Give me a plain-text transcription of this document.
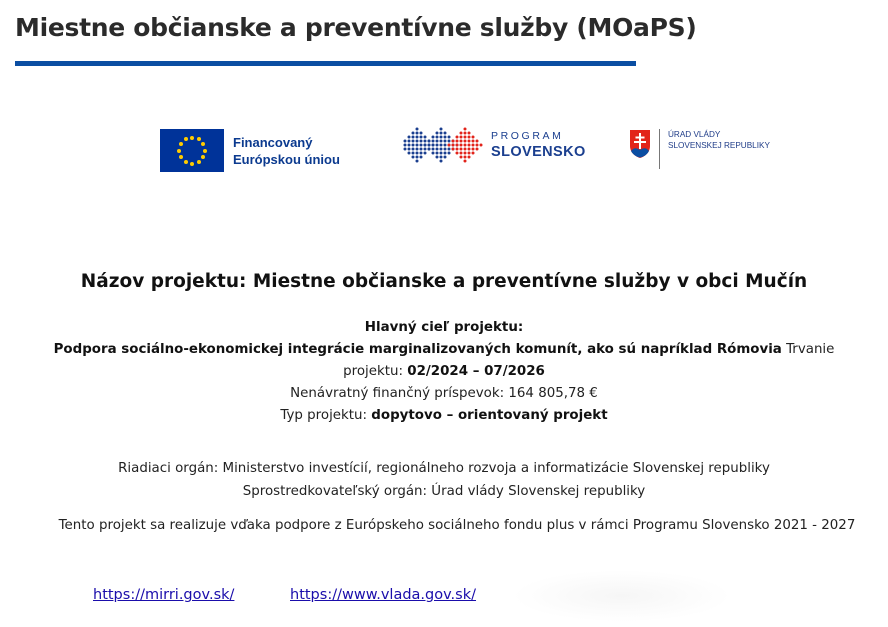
Miestne občianske a preventívne služby (MOaPS)
Financovaný
Európskou úniou
PROGRAM
SLOVENSKO
ÚRAD VLÁDY
SLOVENSKEJ REPUBLIKY
Názov projektu: Miestne občianske a preventívne služby v obci Mučín
Hlavný cieľ projektu:
Podpora sociálno-ekonomickej integrácie marginalizovaných komunít, ako sú napríklad Rómovia Trvanie
projektu: 02/2024 – 07/2026
Nenávratný finančný príspevok: 164 805,78 €
Typ projektu: dopytovo – orientovaný projekt
Riadiaci orgán: Ministerstvo investícií, regionálneho rozvoja a informatizácie Slovenskej republiky
Sprostredkovateľský orgán: Úrad vlády Slovenskej republiky
Tento projekt sa realizuje vďaka podpore z Európskeho sociálneho fondu plus v rámci Programu Slovensko 2021 - 2027
https://mirri.gov.sk/	https://www.vlada.gov.sk/
